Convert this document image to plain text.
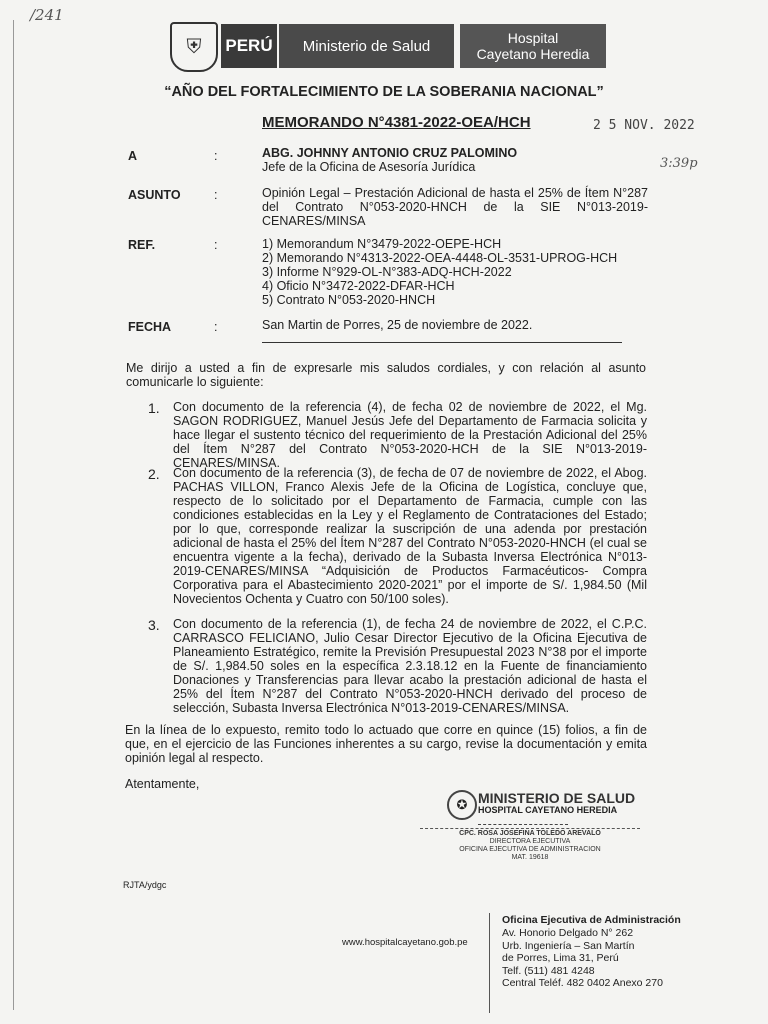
/241
⛨	PERÚ	Ministerio de Salud	Hospital
Cayetano Heredia
“AÑO DEL FORTALECIMIENTO DE LA SOBERANIA NACIONAL”
MEMORANDO N°4381-2022-OEA/HCH	2 5 NOV. 2022
3:39p
A	:	ABG. JOHNNY ANTONIO CRUZ PALOMINO
Jefe de la Oficina de Asesoría Jurídica
ASUNTO	:	Opinión Legal – Prestación Adicional de hasta el 25% de Ítem N°287 del Contrato N°053-2020-HNCH de la SIE N°013-2019-CENARES/MINSA
REF.	:	1) Memorandum N°3479-2022-OEPE-HCH
2) Memorando N°4313-2022-OEA-4448-OL-3531-UPROG-HCH
3) Informe N°929-OL-N°383-ADQ-HCH-2022
4) Oficio N°3472-2022-DFAR-HCH
5) Contrato N°053-2020-HNCH
FECHA	:	San Martin de Porres, 25 de noviembre de 2022.
Me dirijo a usted a fin de expresarle mis saludos cordiales, y con relación al asunto comunicarle lo siguiente:
1. Con documento de la referencia (4), de fecha 02 de noviembre de 2022, el Mg. SAGON RODRIGUEZ, Manuel Jesús Jefe del Departamento de Farmacia solicita y hace llegar el sustento técnico del requerimiento de la Prestación Adicional del 25% del Ítem N°287 del Contrato N°053-2020-HCH de la SIE N°013-2019-CENARES/MINSA.
2. Con documento de la referencia (3), de fecha de 07 de noviembre de 2022, el Abog. PACHAS VILLON, Franco Alexis Jefe de la Oficina de Logística, concluye que, respecto de lo solicitado por el Departamento de Farmacia, cumple con las condiciones establecidas en la Ley y el Reglamento de Contrataciones del Estado; por lo que, corresponde realizar la suscripción de una adenda por prestación adicional de hasta el 25% del Ítem N°287 del Contrato N°053-2020-HNCH (el cual se encuentra vigente a la fecha), derivado de la Subasta Inversa Electrónica N°013-2019-CENARES/MINSA “Adquisición de Productos Farmacéuticos- Compra Corporativa para el Abastecimiento 2020-2021” por el importe de S/. 1,984.50 (Mil Novecientos Ochenta y Cuatro con 50/100 soles).
3. Con documento de la referencia (1), de fecha 24 de noviembre de 2022, el C.P.C. CARRASCO FELICIANO, Julio Cesar Director Ejecutivo de la Oficina Ejecutiva de Planeamiento Estratégico, remite la Previsión Presupuestal 2023 N°38 por el importe de S/. 1,984.50 soles en la específica 2.3.18.12 en la Fuente de financiamiento Donaciones y Transferencias para llevar acabo la prestación adicional de hasta el 25% del Ítem N°287 del Contrato N°053-2020-HNCH derivado del proceso de selección, Subasta Inversa Electrónica N°013-2019-CENARES/MINSA.
En la línea de lo expuesto, remito todo lo actuado que corre en quince (15) folios, a fin de que, en el ejercicio de las Funciones inherentes a su cargo, revise la documentación y emita opinión legal al respecto.
Atentamente,
✪ MINISTERIO DE SALUD
HOSPITAL CAYETANO HEREDIA
CPC. ROSA JOSEFINA TOLEDO AREVALO
DIRECTORA EJECUTIVA
OFICINA EJECUTIVA DE ADMINISTRACION
MAT. 19618
RJTA/ydgc
www.hospitalcayetano.gob.pe
Oficina Ejecutiva de Administración
Av. Honorio Delgado N° 262
Urb. Ingeniería – San Martín
de Porres, Lima 31, Perú
Telf. (511) 481 4248
Central Teléf. 482 0402 Anexo 270
